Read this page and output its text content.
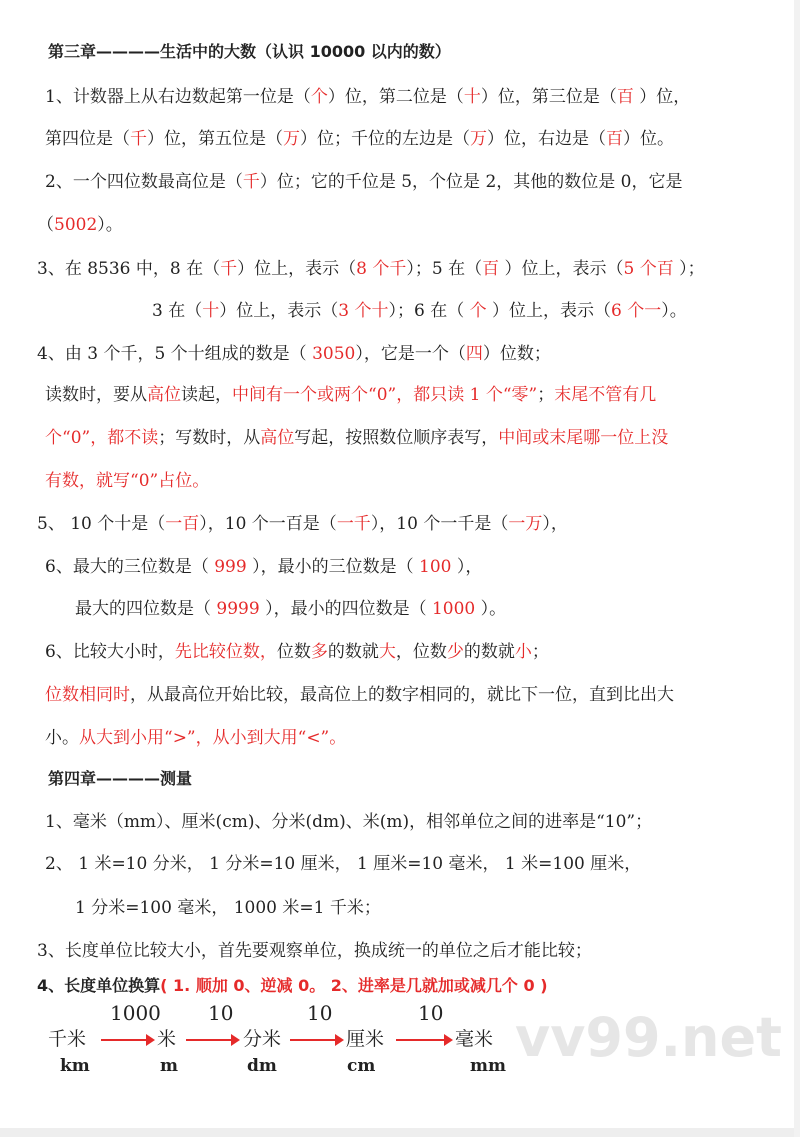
vv99.net
第三章————生活中的大数（认识 10000 以内的数）
1、计数器上从右边数起第一位是（个）位，第二位是（十）位，第三位是（百 ）位，
第四位是（千）位，第五位是（万）位；千位的左边是（万）位，右边是（百）位。
2、一个四位数最高位是（千）位；它的千位是 5，个位是 2，其他的数位是 0，它是
（5002）。
3、在 8536 中，8 在（千）位上，表示（8 个千）；5 在（百 ）位上，表示（5 个百 ）；
3 在（十）位上，表示（3 个十）；6 在（ 个 ）位上，表示（6 个一）。
4、由 3 个千，5 个十组成的数是（ 3050），它是一个（四）位数；
读数时，要从高位读起，中间有一个或两个“0”，都只读 1 个“零”；末尾不管有几
个“0”，都不读；写数时，从高位写起，按照数位顺序表写，中间或末尾哪一位上没
有数，就写“0”占位。
5、 10 个十是（一百），10 个一百是（一千），10 个一千是（一万），
6、最大的三位数是（ 999 ），最小的三位数是（ 100 ），
最大的四位数是（ 9999 ），最小的四位数是（ 1000 ）。
6、比较大小时，先比较位数，位数多的数就大，位数少的数就小；
位数相同时，从最高位开始比较，最高位上的数字相同的，就比下一位，直到比出大
小。从大到小用“>”，从小到大用“<”。
第四章————测量
1、毫米（mm）、厘米(cm)、分米(dm)、米(m)，相邻单位之间的进率是“10”；
2、 1 米=10 分米， 1 分米=10 厘米， 1 厘米=10 毫米， 1 米=100 厘米，
1 分米=100 毫米， 1000 米=1 千米；
3、长度单位比较大小，首先要观察单位，换成统一的单位之后才能比较；
4、长度单位换算( 1. 顺加 0、逆减 0。 2、进率是几就加或减几个 0 )
1000 10	10	10
千米	米	分米	厘米	毫米
km	m	dm	cm	mm
